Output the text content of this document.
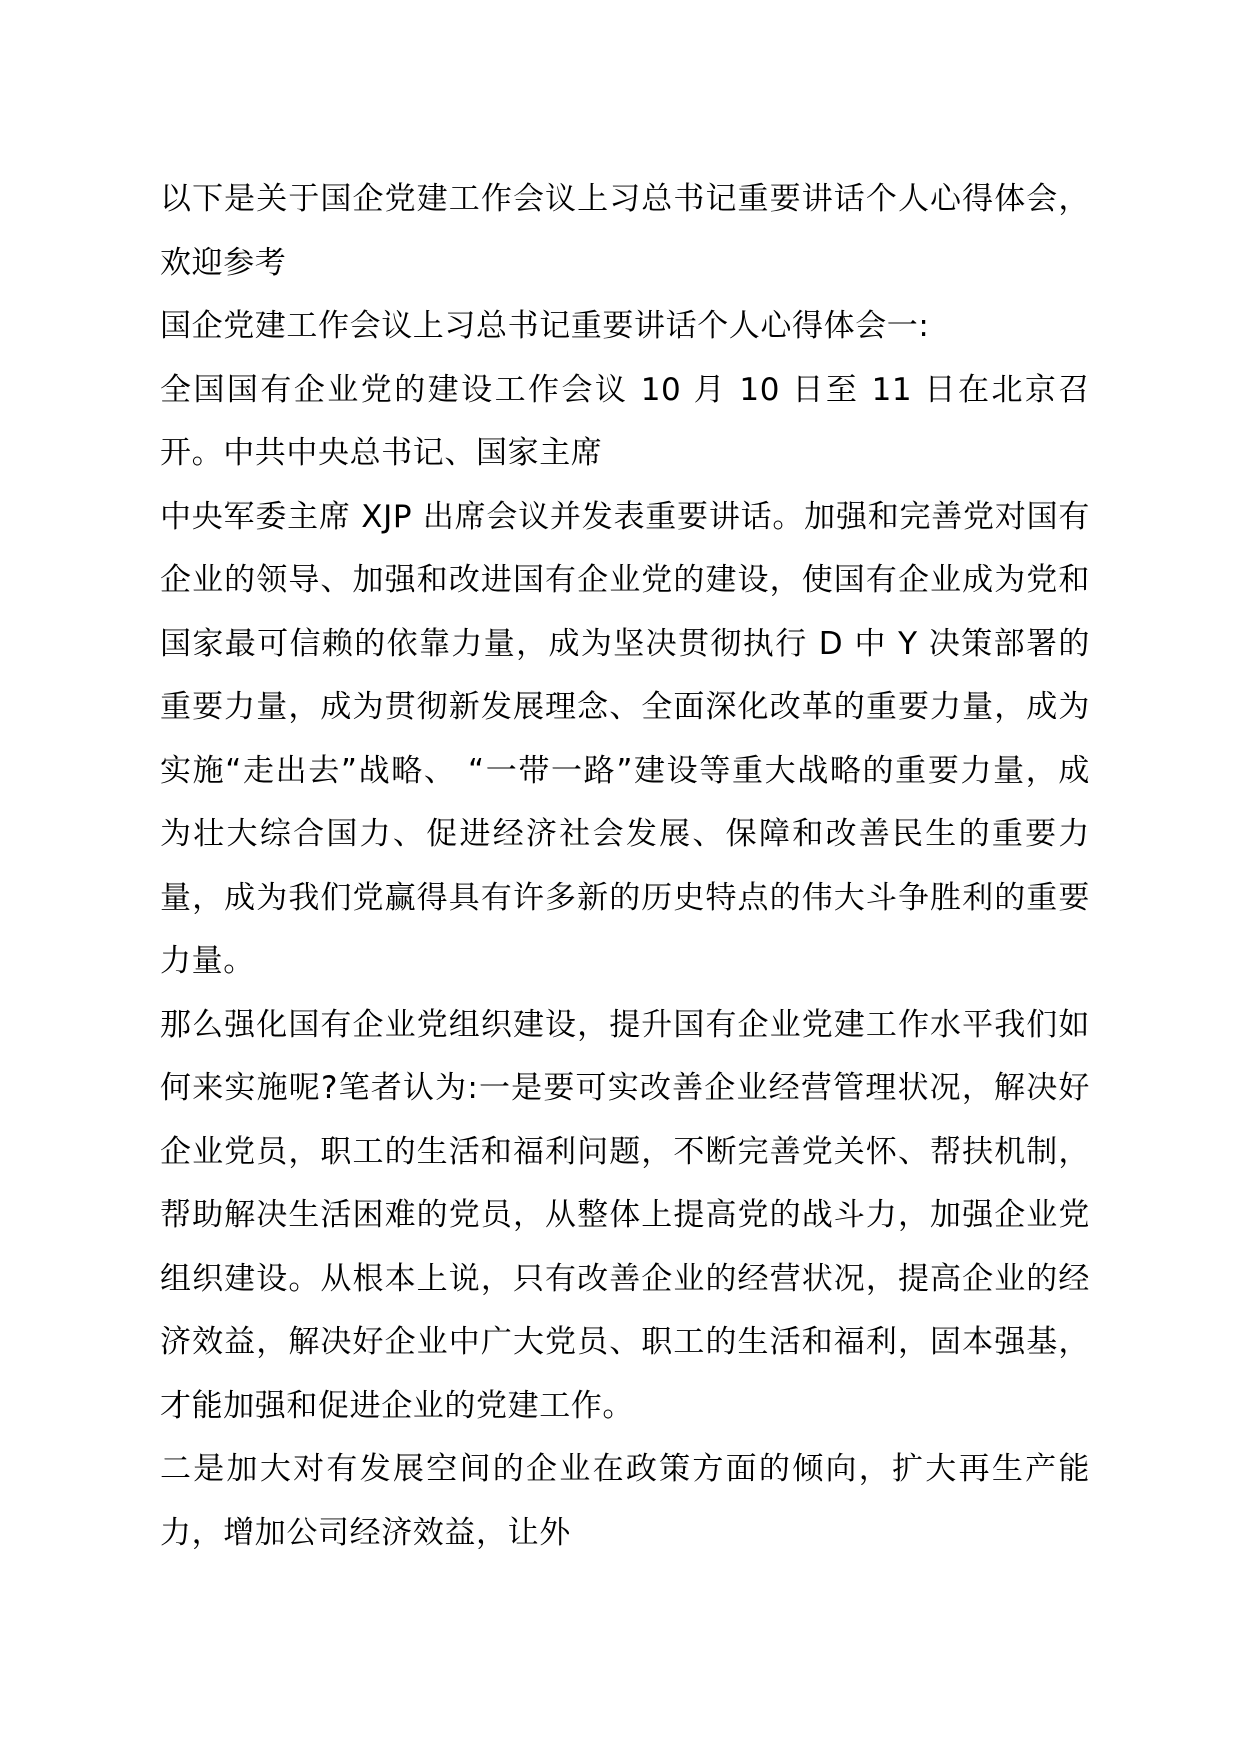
以下是关于国企党建工作会议上习总书记重要讲话个人心得体会，欢迎参考

国企党建工作会议上习总书记重要讲话个人心得体会一:

全国国有企业党的建设工作会议 10 月 10 日至 11 日在北京召开。中共中央总书记、国家主席

中央军委主席 XJP 出席会议并发表重要讲话。加强和完善党对国有企业的领导、加强和改进国有企业党的建设，使国有企业成为党和国家最可信赖的依靠力量，成为坚决贯彻执行 D 中 Y 决策部署的重要力量，成为贯彻新发展理念、全面深化改革的重要力量，成为实施“走出去”战略、 “一带一路”建设等重大战略的重要力量，成为壮大综合国力、促进经济社会发展、保障和改善民生的重要力量，成为我们党赢得具有许多新的历史特点的伟大斗争胜利的重要力量。

那么强化国有企业党组织建设，提升国有企业党建工作水平我们如何来实施呢?笔者认为:一是要可实改善企业经营管理状况，解决好企业党员，职工的生活和福利问题，不断完善党关怀、帮扶机制，帮助解决生活困难的党员，从整体上提高党的战斗力，加强企业党组织建设。从根本上说，只有改善企业的经营状况，提高企业的经济效益，解决好企业中广大党员、职工的生活和福利，固本强基，才能加强和促进企业的党建工作。

二是加大对有发展空间的企业在政策方面的倾向，扩大再生产能力，增加公司经济效益，让外
